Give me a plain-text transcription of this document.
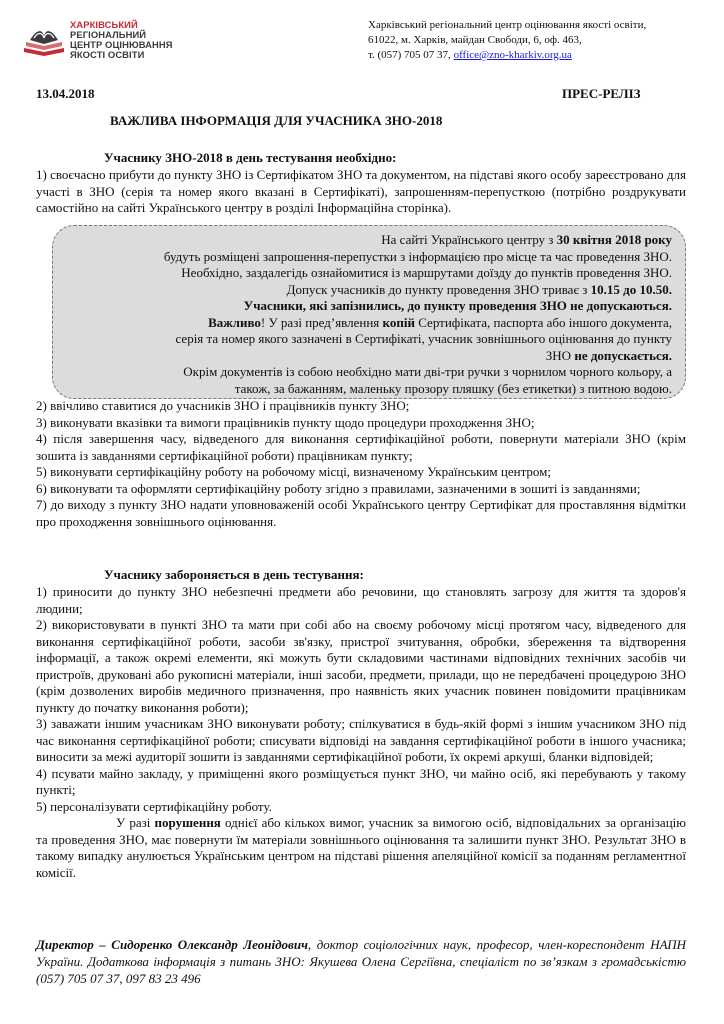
ХАРКІВСЬКИЙ
РЕГІОНАЛЬНИЙ
ЦЕНТР ОЦІНЮВАННЯ
ЯКОСТІ ОСВІТИ
Харківський регіональний центр оцінювання якості освіти,
61022, м. Харків, майдан Свободи, 6, оф. 463,
т. (057) 705 07 37, office@zno-kharkiv.org.ua
13.04.2018	ПРЕС-РЕЛІЗ
ВАЖЛИВА ІНФОРМАЦІЯ ДЛЯ УЧАСНИКА ЗНО-2018
Учаснику ЗНО-2018 в день тестування необхідно:

1) своєчасно прибути до пункту ЗНО із Сертифікатом ЗНО та документом, на підставі якого особу зареєстровано для участі в ЗНО (серія та номер якого вказані в Сертифікаті), запрошенням-перепусткою (потрібно роздрукувати самостійно на сайті Українського центру в розділі Інформаційна сторінка).

На сайті Українського центру з 30 квітня 2018 року

будуть розміщені запрошення-перепустки з інформацією про місце та час проведення ЗНО.

Необхідно, заздалегідь ознайомитися із маршрутами доїзду до пунктів проведення ЗНО.

Допуск учасників до пункту проведення ЗНО триває з 10.15 до 10.50.

Учасники, які запізнились, до пункту проведення ЗНО не допускаються.

Важливо! У разі пред’явлення копій Сертифіката, паспорта або іншого документа,

серія та номер якого зазначені в Сертифікаті, учасник зовнішнього оцінювання до пункту

ЗНО не допускається.

Окрім документів із собою необхідно мати дві-три ручки з чорнилом чорного кольору, а

також, за бажанням, маленьку прозору пляшку (без етикетки) з питною водою.

2) ввічливо ставитися до учасників ЗНО і працівників пункту ЗНО;

3) виконувати вказівки та вимоги працівників пункту щодо процедури проходження ЗНО;

4) після завершення часу, відведеного для виконання сертифікаційної роботи, повернути матеріали ЗНО (крім зошита із завданнями сертифікаційної роботи) працівникам пункту;

5) виконувати сертифікаційну роботу на робочому місці, визначеному Українським центром;

6) виконувати та оформляти сертифікаційну роботу згідно з правилами, зазначеними в зошиті із завданнями;

7) до виходу з пункту ЗНО надати уповноваженій особі Українського центру Сертифікат для проставляння відмітки про проходження зовнішнього оцінювання.

Учаснику забороняється в день тестування:

1) приносити до пункту ЗНО небезпечні предмети або речовини, що становлять загрозу для життя та здоров'я людини;

2) використовувати в пункті ЗНО та мати при собі або на своєму робочому місці протягом часу, відведеного для виконання сертифікаційної роботи, засоби зв'язку, пристрої зчитування, обробки, збереження та відтворення інформації, а також окремі елементи, які можуть бути складовими частинами відповідних технічних засобів чи пристроїв, друковані або рукописні матеріали, інші засоби, предмети, прилади, що не передбачені процедурою ЗНО (крім дозволених виробів медичного призначення, про наявність яких учасник повинен повідомити працівникам пункту до початку виконання роботи);

3) заважати іншим учасникам ЗНО виконувати роботу; спілкуватися в будь-якій формі з іншим учасником ЗНО під час виконання сертифікаційної роботи; списувати відповіді на завдання сертифікаційної роботи в іншого учасника; виносити за межі аудиторії зошити із завданнями сертифікаційної роботи, їх окремі аркуші, бланки відповідей;

4) псувати майно закладу, у приміщенні якого розміщується пункт ЗНО, чи майно осіб, які перебувають у такому пункті;

5) персоналізувати сертифікаційну роботу.

У разі порушення однієї або кількох вимог, учасник за вимогою осіб, відповідальних за організацію та проведення ЗНО, має повернути їм матеріали зовнішнього оцінювання та залишити пункт ЗНО. Результат ЗНО в такому випадку анулюється Українським центром на підставі рішення апеляційної комісії за поданням регламентної комісії.

Директор – Сидоренко Олександр Леонідович, доктор соціологічних наук, професор, член-кореспондент НАПН України. Додаткова інформація з питань ЗНО: Якушева Олена Сергіївна, спеціаліст по зв’язкам з громадськістю (057) 705 07 37, 097 83 23 496
